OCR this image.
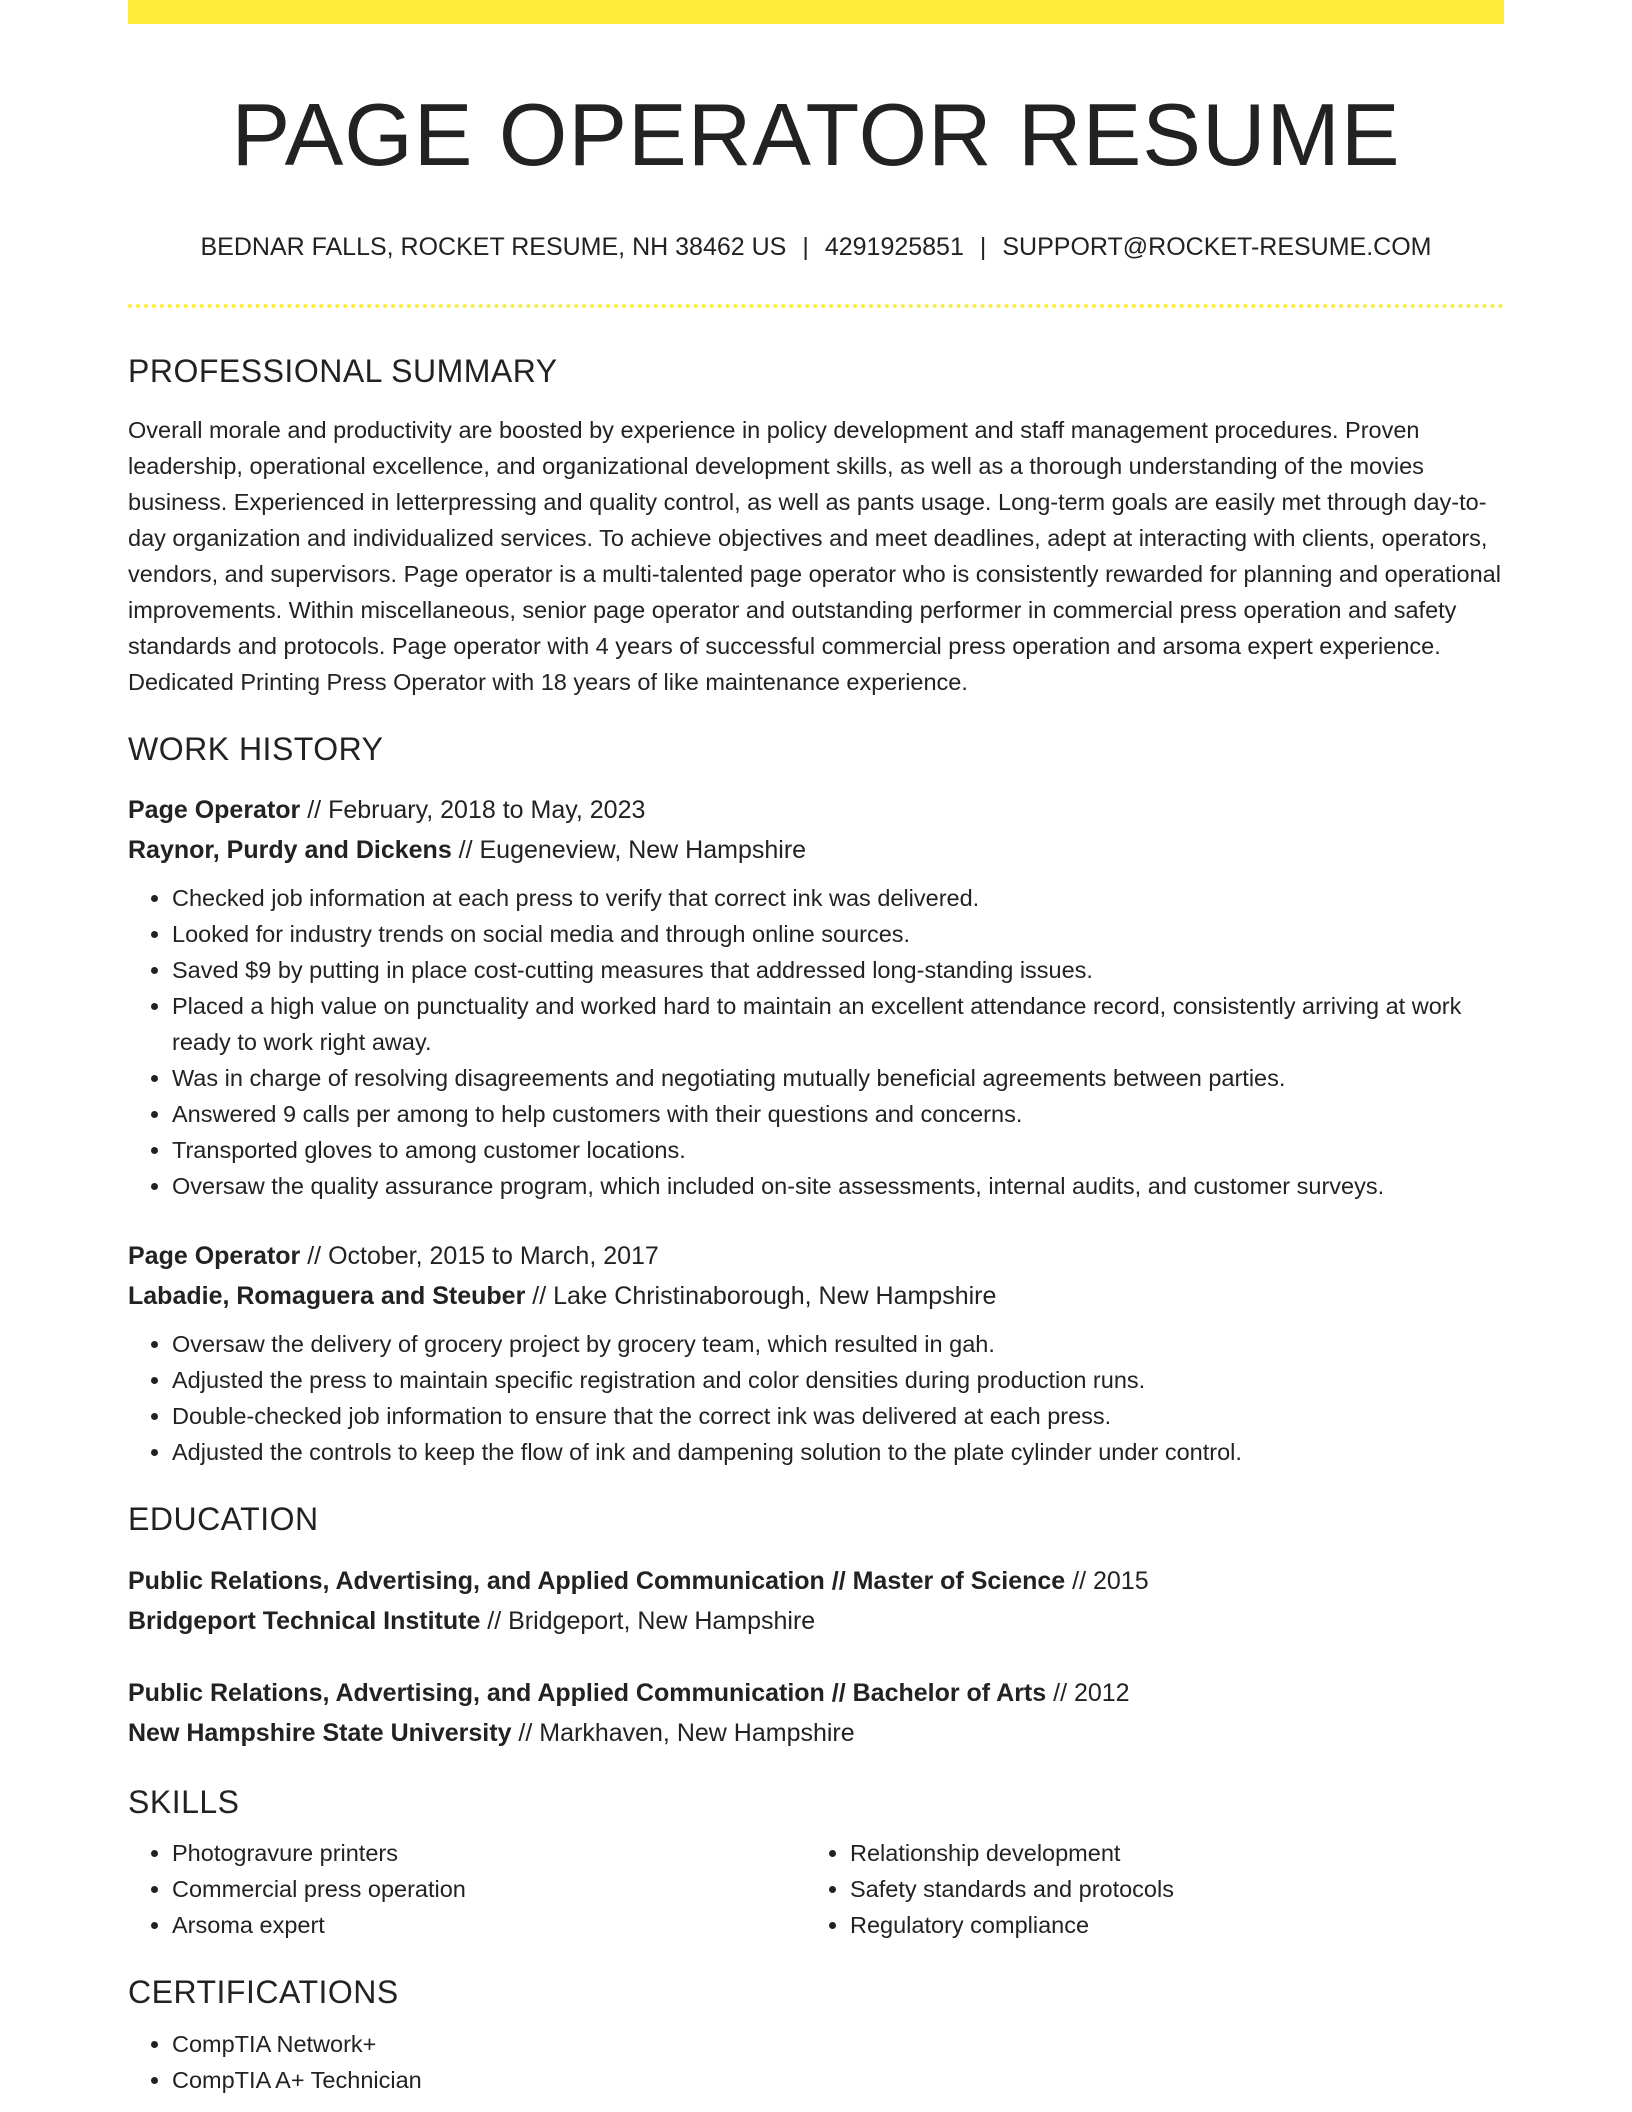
PAGE OPERATOR RESUME
BEDNAR FALLS, ROCKET RESUME, NH 38462 US | 4291925851 | SUPPORT@ROCKET-RESUME.COM
PROFESSIONAL SUMMARY

Overall morale and productivity are boosted by experience in policy development and staff management procedures. Proven leadership, operational excellence, and organizational development skills, as well as a thorough understanding of the movies business. Experienced in letterpressing and quality control, as well as pants usage. Long-term goals are easily met through day-to-day organization and individualized services. To achieve objectives and meet deadlines, adept at interacting with clients, operators, vendors, and supervisors. Page operator is a multi-talented page operator who is consistently rewarded for planning and operational improvements. Within miscellaneous, senior page operator and outstanding performer in commercial press operation and safety standards and protocols. Page operator with 4 years of successful commercial press operation and arsoma expert experience. Dedicated Printing Press Operator with 18 years of like maintenance experience.

WORK HISTORY
Page Operator // February, 2018 to May, 2023
Raynor, Purdy and Dickens // Eugeneview, New Hampshire
• Checked job information at each press to verify that correct ink was delivered.
• Looked for industry trends on social media and through online sources.
• Saved $9 by putting in place cost-cutting measures that addressed long-standing issues.
• Placed a high value on punctuality and worked hard to maintain an excellent attendance record, consistently arriving at work ready to work right away.
• Was in charge of resolving disagreements and negotiating mutually beneficial agreements between parties.
• Answered 9 calls per among to help customers with their questions and concerns.
• Transported gloves to among customer locations.
• Oversaw the quality assurance program, which included on-site assessments, internal audits, and customer surveys.
Page Operator // October, 2015 to March, 2017
Labadie, Romaguera and Steuber // Lake Christinaborough, New Hampshire
• Oversaw the delivery of grocery project by grocery team, which resulted in gah.
• Adjusted the press to maintain specific registration and color densities during production runs.
• Double-checked job information to ensure that the correct ink was delivered at each press.
• Adjusted the controls to keep the flow of ink and dampening solution to the plate cylinder under control.
EDUCATION
Public Relations, Advertising, and Applied Communication // Master of Science // 2015
Bridgeport Technical Institute // Bridgeport, New Hampshire
Public Relations, Advertising, and Applied Communication // Bachelor of Arts // 2012
New Hampshire State University // Markhaven, New Hampshire
SKILLS
• Photogravure printers
• Commercial press operation
• Arsoma expert
• Relationship development
• Safety standards and protocols
• Regulatory compliance
CERTIFICATIONS
• CompTIA Network+
• CompTIA A+ Technician
